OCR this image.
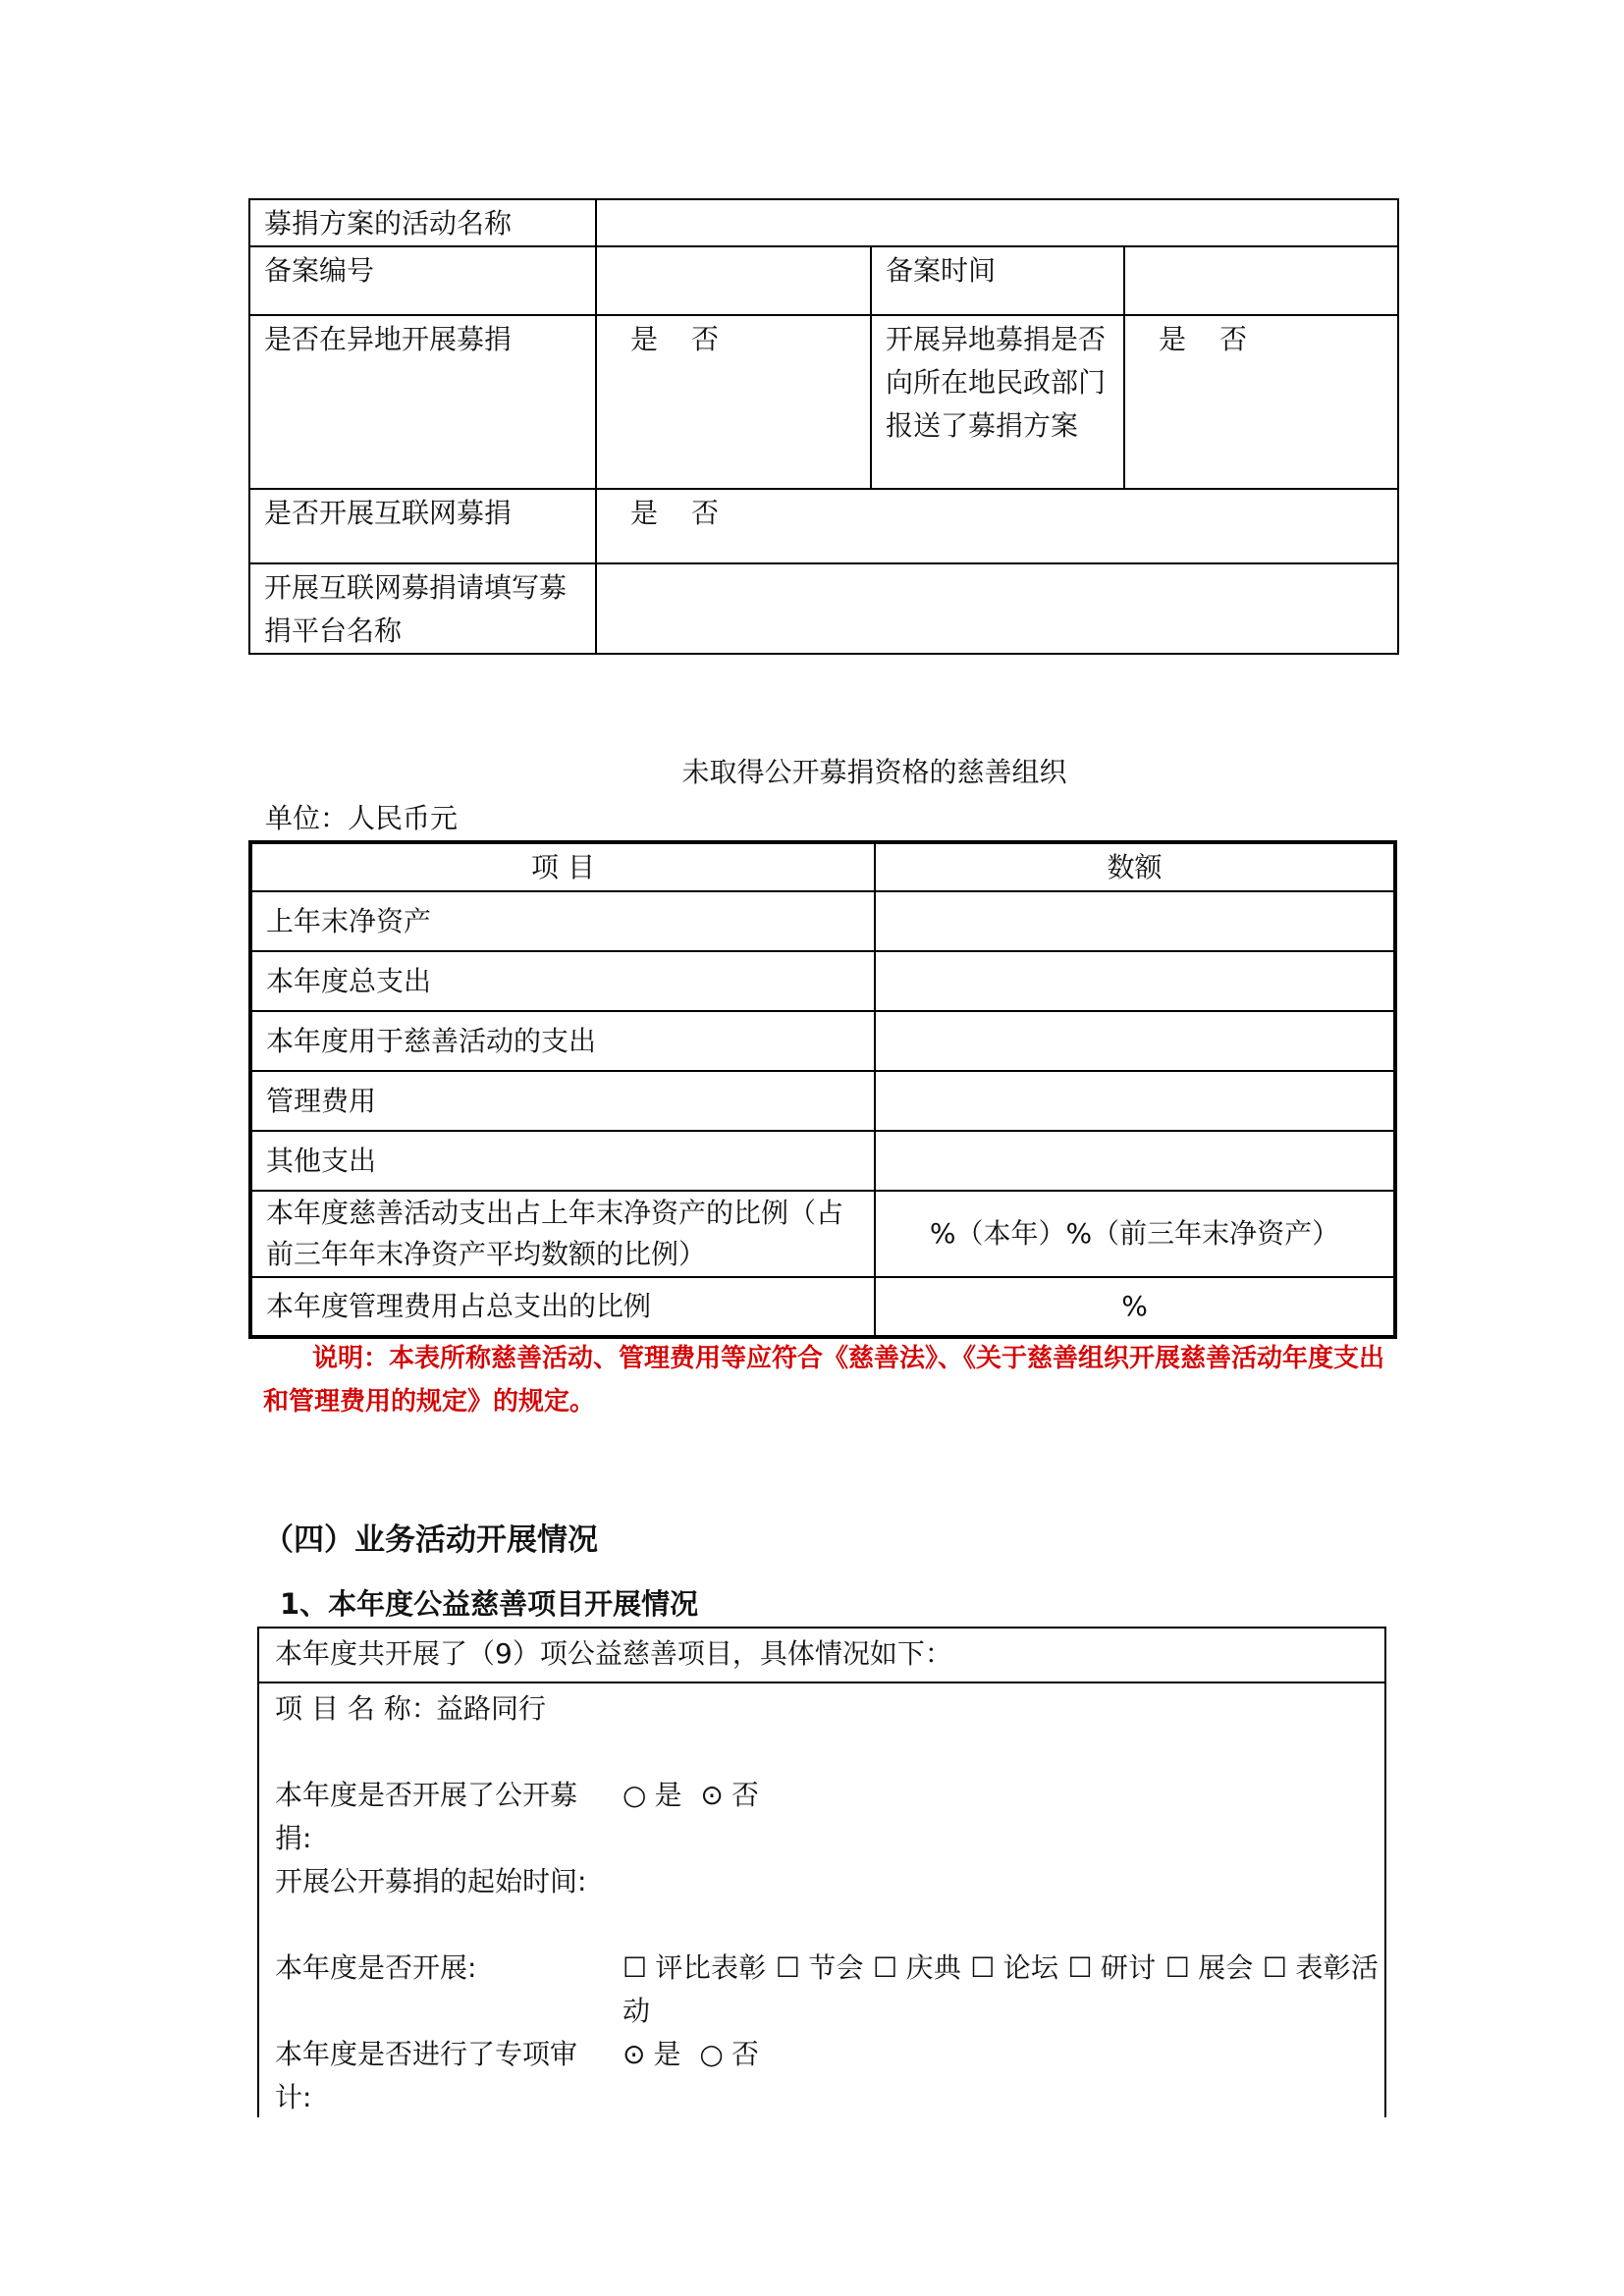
募捐方案的活动名称			
备案编号		备案时间	
是否在异地开展募捐	是 否	开展异地募捐是否向所在地民政部门报送了募捐方案	是 否
是否开展互联网募捐	是 否		
开展互联网募捐请填写募捐平台名称			
未取得公开募捐资格的慈善组织
单位：人民币元
项 目	数额
上年末净资产	
本年度总支出	
本年度用于慈善活动的支出	
管理费用	
其他支出	
本年度慈善活动支出占上年末净资产的比例（占前三年年末净资产平均数额的比例）	%（本年）%（前三年末净资产）
本年度管理费用占总支出的比例	%
说明：本表所称慈善活动、管理费用等应符合《慈善法》、《关于慈善组织开展慈善活动年度支出和管理费用的规定》的规定。
（四）业务活动开展情况
1、本年度公益慈善项目开展情况
本年度共开展了（9）项公益慈善项目，具体情况如下：
项 目 名 称：
益路同行
本年度是否开展了公开募捐:
○ 是 ⊙ 否
开展公开募捐的起始时间:
本年度是否开展:	☐ 评比表彰 ☐ 节会 ☐ 庆典 ☐ 论坛 ☐ 研讨 ☐ 展会 ☐ 表彰活动
本年度是否进行了专项审计:
⊙ 是 ○ 否
